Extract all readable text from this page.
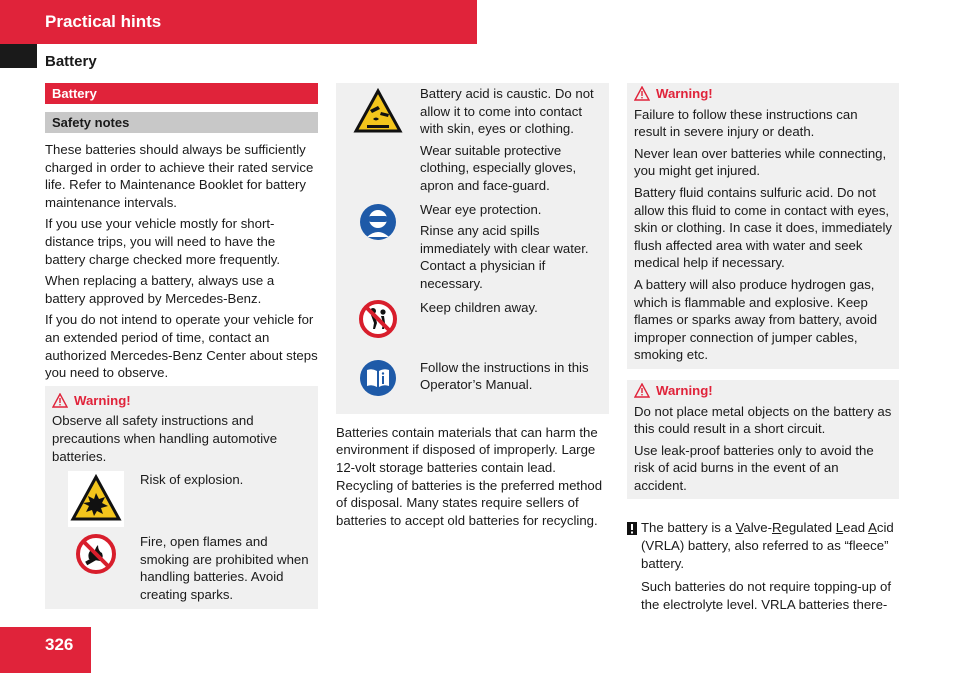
Practical hints
Battery
Battery
Safety notes

These batteries should always be sufficiently charged in order to achieve their rated service life. Refer to Maintenance Booklet for battery maintenance intervals.

If you use your vehicle mostly for short-distance trips, you will need to have the battery charge checked more frequently.

When replacing a battery, always use a battery approved by Mercedes-Benz.

If you do not intend to operate your vehicle for an extended period of time, contact an authorized Mercedes-Benz Center about steps you need to observe.

Warning!

Observe all safety instructions and precautions when handling automotive batteries.

Risk of explosion.
Fire, open flames and smoking are prohibited when handling batteries. Avoid creating sparks.

Battery acid is caustic. Do not allow it to come into contact with skin, eyes or clothing.

Wear suitable protective clothing, especially gloves, apron and face-guard.

Wear eye protection.

Rinse any acid spills immediately with clear water. Contact a physician if necessary.

Keep children away.

Follow the instructions in this Operator’s Manual.

Batteries contain materials that can harm the environment if disposed of improperly. Large 12-volt storage batteries contain lead. Recycling of batteries is the preferred method of disposal. Many states require sellers of batteries to accept old batteries for recycling.

Warning!

Failure to follow these instructions can result in severe injury or death.

Never lean over batteries while connecting, you might get injured.

Battery fluid contains sulfuric acid. Do not allow this fluid to come in contact with eyes, skin or clothing. In case it does, immediately flush affected area with water and seek medical help if necessary.

A battery will also produce hydrogen gas, which is flammable and explosive. Keep flames or sparks away from battery, avoid improper connection of jumper cables, smoking etc.

Warning!

Do not place metal objects on the battery as this could result in a short circuit.

Use leak-proof batteries only to avoid the risk of acid burns in the event of an accident.

The battery is a Valve-Regulated Lead Acid (VRLA) battery, also referred to as “fleece” battery.

Such batteries do not require topping-up of the electrolyte level. VRLA batteries there-

326
